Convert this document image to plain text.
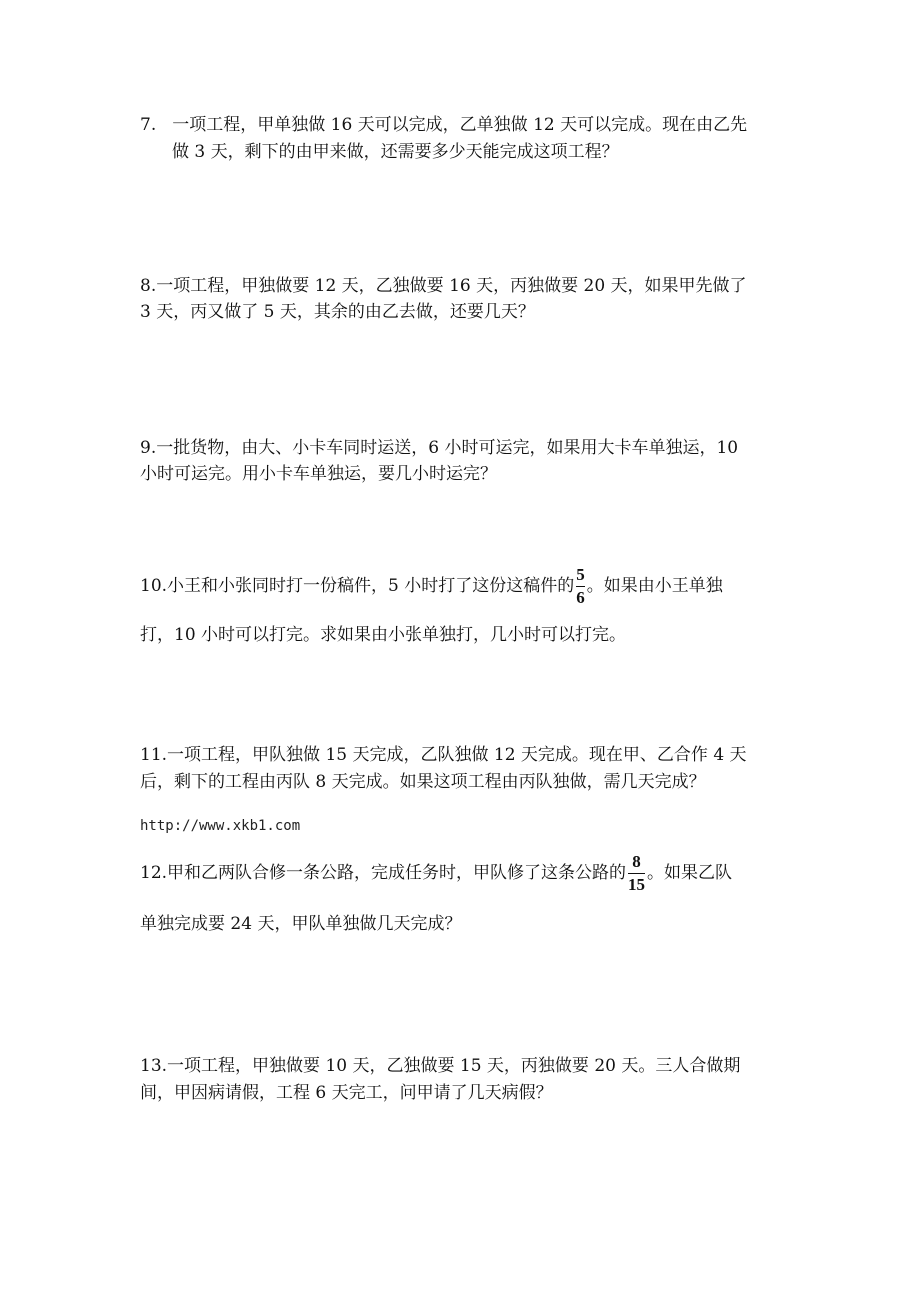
7. 一项工程，甲单独做 16 天可以完成，乙单独做 12 天可以完成。现在由乙先
做 3 天，剩下的由甲来做，还需要多少天能完成这项工程？
8.一项工程，甲独做要 12 天，乙独做要 16 天，丙独做要 20 天，如果甲先做了
3 天，丙又做了 5 天，其余的由乙去做，还要几天？
9.一批货物，由大、小卡车同时运送，6 小时可运完，如果用大卡车单独运，10
小时可运完。用小卡车单独运，要几小时运完？
10.小王和小张同时打一份稿件，5 小时打了这份这稿件的 $\frac{5}{6}$ 。如果由小王单独
打，10 小时可以打完。求如果由小张单独打，几小时可以打完。
11.一项工程，甲队独做 15 天完成，乙队独做 12 天完成。现在甲、乙合作 4 天
后，剩下的工程由丙队 8 天完成。如果这项工程由丙队独做，需几天完成？
http://www.xkb1.com
12.甲和乙两队合修一条公路，完成任务时，甲队修了这条公路的 $\frac{8}{15}$ 。如果乙队
单独完成要 24 天，甲队单独做几天完成？
13.一项工程，甲独做要 10 天，乙独做要 15 天，丙独做要 20 天。三人合做期
间，甲因病请假，工程 6 天完工，问甲请了几天病假？
